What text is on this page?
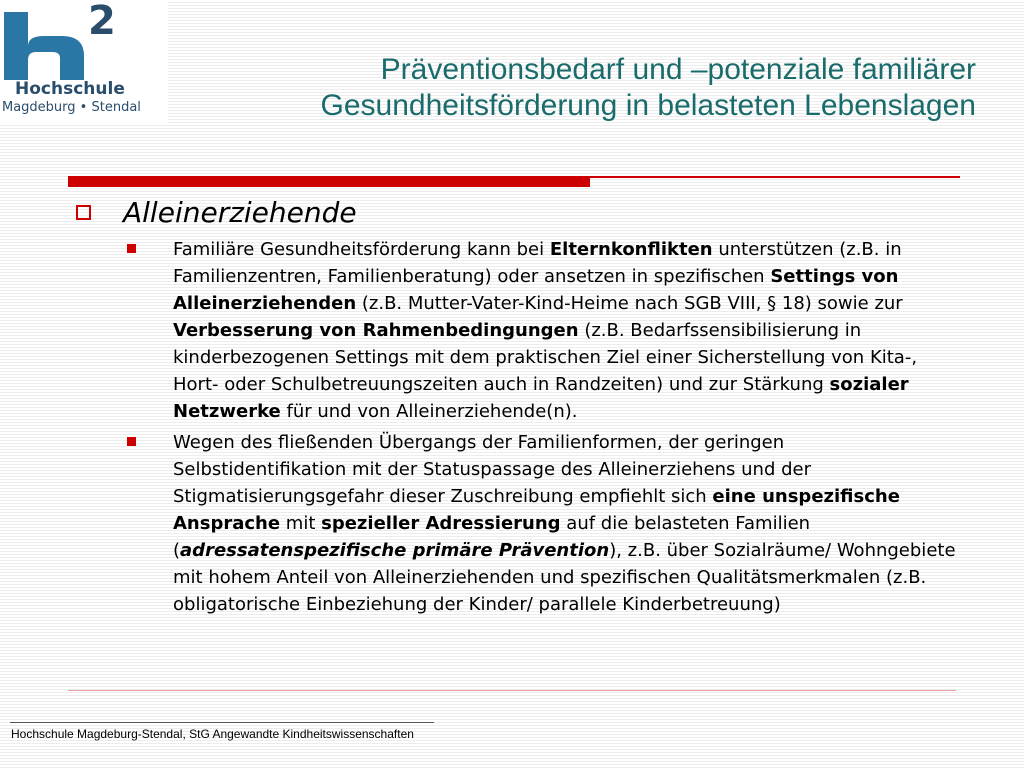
2
Hochschule
Magdeburg • Stendal
Präventionsbedarf und –potenziale familiärer
Gesundheitsförderung in belasteten Lebenslagen
Alleinerziehende
Familiäre Gesundheitsförderung kann bei Elternkonflikten unterstützen (z.B. in Familienzentren, Familienberatung) oder ansetzen in spezifischen Settings von Alleinerziehenden (z.B. Mutter-Vater-Kind-Heime nach SGB VIII, § 18) sowie zur Verbesserung von Rahmenbedingungen (z.B. Bedarfssensibilisierung in kinderbezogenen Settings mit dem praktischen Ziel einer Sicherstellung von Kita-, Hort- oder Schulbetreuungszeiten auch in Randzeiten) und zur Stärkung sozialer Netzwerke für und von Alleinerziehende(n).
Wegen des fließenden Übergangs der Familienformen, der geringen Selbstidentifikation mit der Statuspassage des Alleinerziehens und der Stigmatisierungsgefahr dieser Zuschreibung empfiehlt sich eine unspezifische Ansprache mit spezieller Adressierung auf die belasteten Familien (adressatenspezifische primäre Prävention), z.B. über Sozialräume/ Wohngebiete mit hohem Anteil von Alleinerziehenden und spezifischen Qualitätsmerkmalen (z.B. obligatorische Einbeziehung der Kinder/ parallele Kinderbetreuung)
Hochschule Magdeburg-Stendal, StG Angewandte Kindheitswissenschaften
